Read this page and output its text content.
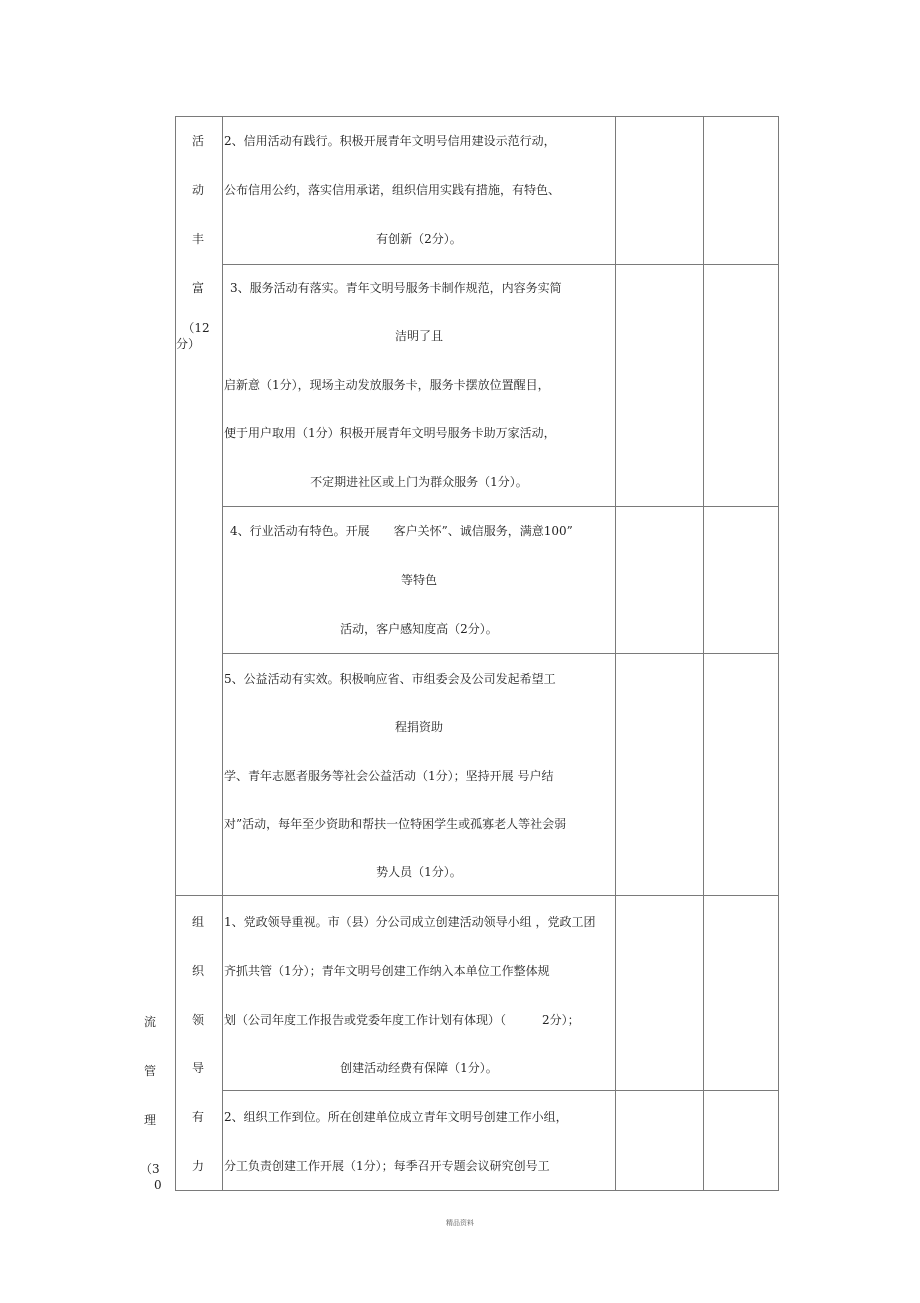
活
动
丰
富
（12
分）
2、信用活动有践行。积极开展青年文明号信用建设示范行动，
公布信用公约，落实信用承诺，组织信用实践有措施，有特色、
有创新（2分）。
3、服务活动有落实。青年文明号服务卡制作规范，内容务实简
洁明了且
启新意（1分），现场主动发放服务卡，服务卡摆放位置醒目，
便于用户取用（1分）积极开展青年文明号服务卡助万家活动，
不定期进社区或上门为群众服务（1分）。
4、行业活动有特色。开展　　客户关怀”、诚信服务，满意100”
等特色
活动，客户感知度高（2分）。
5、公益活动有实效。积极响应省、市组委会及公司发起希望工
程捐资助
学、青年志愿者服务等社会公益活动（1分）；坚持开展 号户结
对”活动，每年至少资助和帮扶一位特困学生或孤寡老人等社会弱
势人员（1分）。
流
管
理
（3
0
组
织
领
导
有
力
1、党政领导重视。市（县）分公司成立创建活动领导小组 ，党政工团
齐抓共管（1分）；青年文明号创建工作纳入本单位工作整体规
划（公司年度工作报告或党委年度工作计划有体现）（　　　2分）；
创建活动经费有保障（1分）。
2、组织工作到位。所在创建单位成立青年文明号创建工作小组，
分工负责创建工作开展（1分）；每季召开专题会议研究创号工
精品资料
